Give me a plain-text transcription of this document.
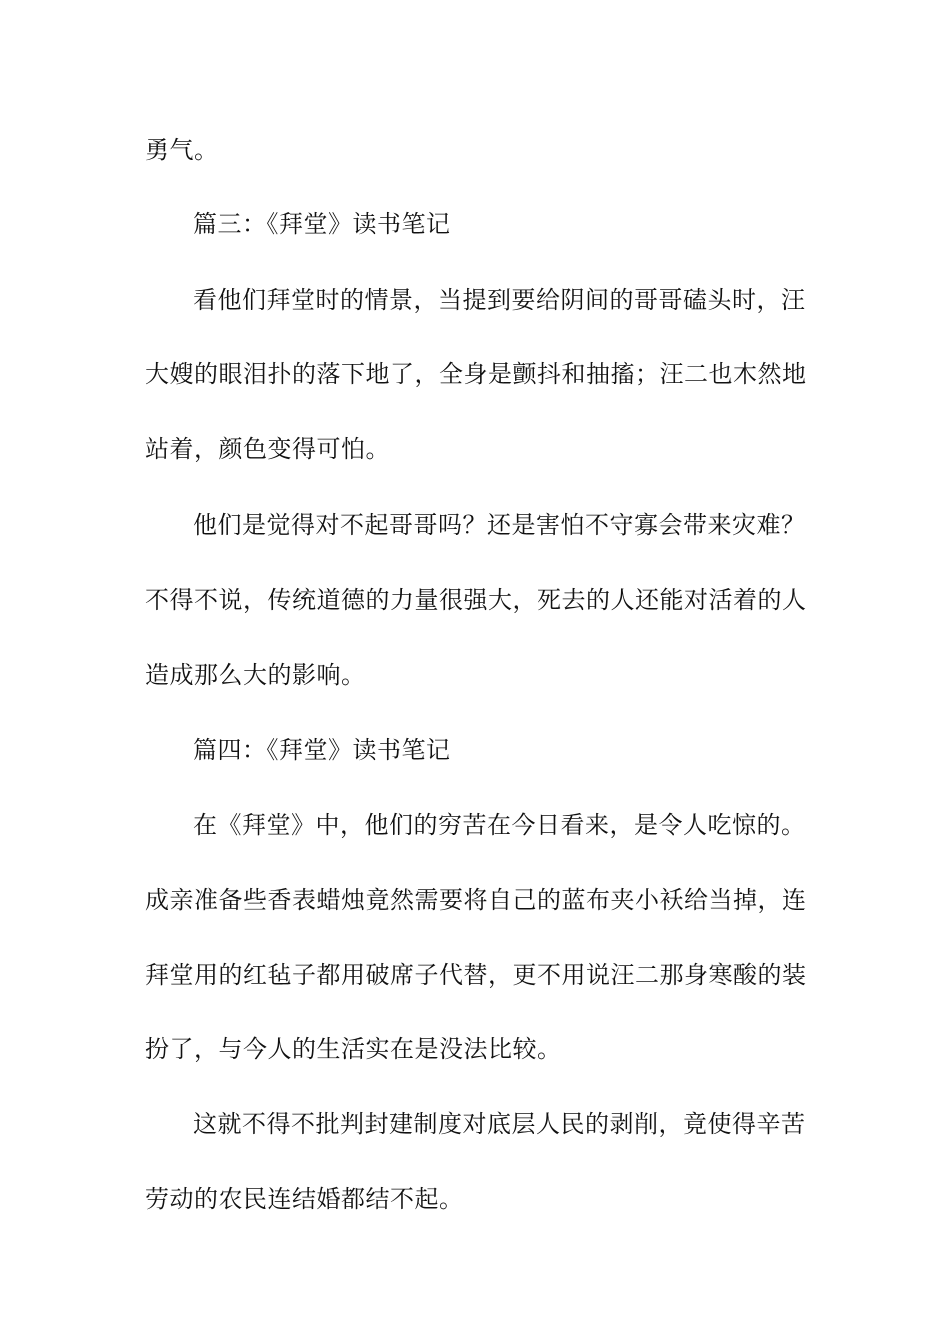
勇气。
篇三：《拜堂》读书笔记
看他们拜堂时的情景，当提到要给阴间的哥哥磕头时，汪
大嫂的眼泪扑的落下地了，全身是颤抖和抽搐；汪二也木然地
站着，颜色变得可怕。
他们是觉得对不起哥哥吗？还是害怕不守寡会带来灾难？
不得不说，传统道德的力量很强大，死去的人还能对活着的人
造成那么大的影响。
篇四：《拜堂》读书笔记
在《拜堂》中，他们的穷苦在今日看来，是令人吃惊的。
成亲准备些香表蜡烛竟然需要将自己的蓝布夹小袄给当掉，连
拜堂用的红毡子都用破席子代替，更不用说汪二那身寒酸的装
扮了，与今人的生活实在是没法比较。
这就不得不批判封建制度对底层人民的剥削，竟使得辛苦
劳动的农民连结婚都结不起。
